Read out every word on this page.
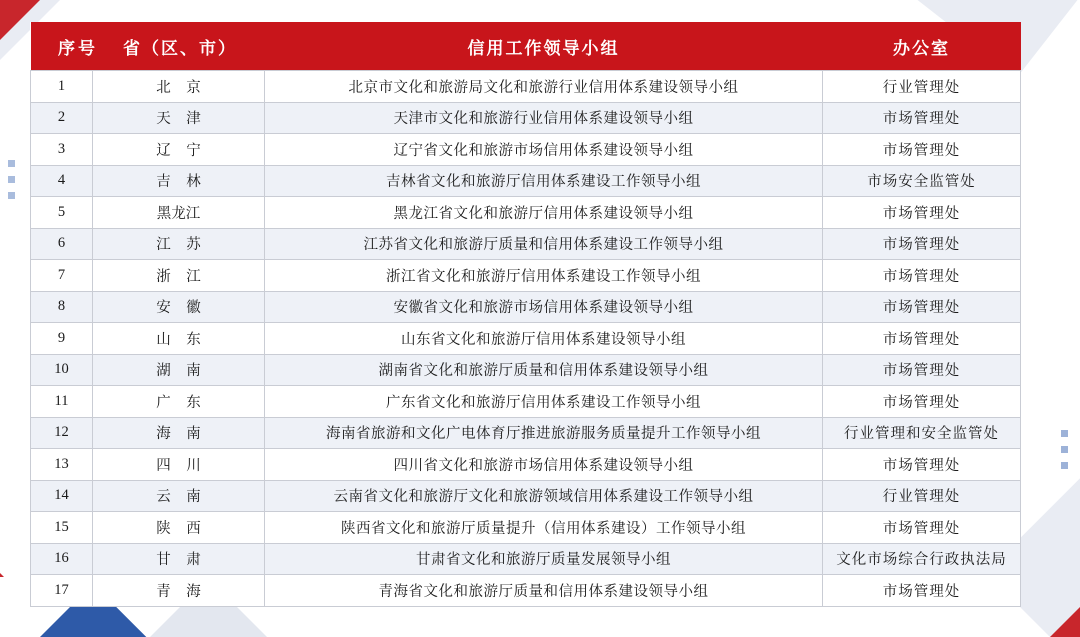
序号 省（区、市）		信用工作领导小组	办公室
1	北 京	北京市文化和旅游局文化和旅游行业信用体系建设领导小组	行业管理处
2	天 津	天津市文化和旅游行业信用体系建设领导小组	市场管理处
3	辽 宁	辽宁省文化和旅游市场信用体系建设领导小组	市场管理处
4	吉 林	吉林省文化和旅游厅信用体系建设工作领导小组	市场安全监管处
5	黑龙江	黑龙江省文化和旅游厅信用体系建设领导小组	市场管理处
6	江 苏	江苏省文化和旅游厅质量和信用体系建设工作领导小组	市场管理处
7	浙 江	浙江省文化和旅游厅信用体系建设工作领导小组	市场管理处
8	安 徽	安徽省文化和旅游市场信用体系建设领导小组	市场管理处
9	山 东	山东省文化和旅游厅信用体系建设领导小组	市场管理处
10	湖 南	湖南省文化和旅游厅质量和信用体系建设领导小组	市场管理处
11	广 东	广东省文化和旅游厅信用体系建设工作领导小组	市场管理处
12	海 南	海南省旅游和文化广电体育厅推进旅游服务质量提升工作领导小组	行业管理和安全监管处
13	四 川	四川省文化和旅游市场信用体系建设领导小组	市场管理处
14	云 南	云南省文化和旅游厅文化和旅游领域信用体系建设工作领导小组	行业管理处
15	陕 西	陕西省文化和旅游厅质量提升（信用体系建设）工作领导小组	市场管理处
16	甘 肃	甘肃省文化和旅游厅质量发展领导小组	文化市场综合行政执法局
17	青 海	青海省文化和旅游厅质量和信用体系建设领导小组	市场管理处
